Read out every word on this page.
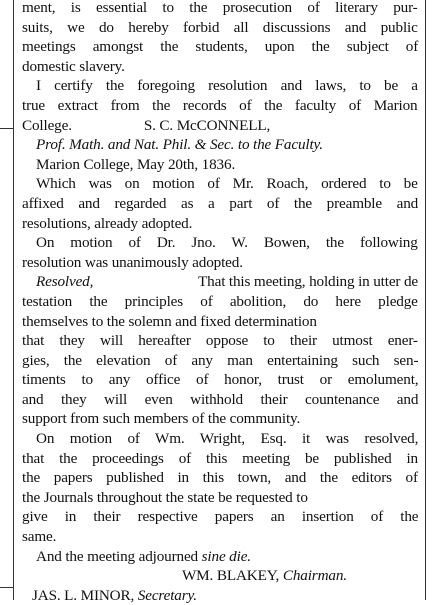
ment, is essential to the prosecution of literary pur-
suits, we do hereby forbid all discussions and public
meetings amongst the students, upon the subject of
domestic slavery.
I certify the foregoing resolution and laws, to be a
true extract from the records of the faculty of Marion
College.	S. C. McCONNELL,
Prof. Math. and Nat. Phil. & Sec. to the Faculty.
Marion College, May 20th, 1836.
Which was on motion of Mr. Roach, ordered to be
affixed and regarded as a part of the preamble and
resolutions, already adopted.
On motion of Dr. Jno. W. Bowen, the following
resolution was unanimously adopted.
Resolved,	That this meeting, holding in utter de
testation the principles of abolition, do here pledge
themselves to the solemn and fixed determination
that they will hereafter oppose to their utmost ener-
gies, the elevation of any man entertaining such sen-
timents to any office of honor, trust or emolument,
and they will even withhold their countenance and
support from such members of the community.
On motion of Wm. Wright, Esq. it was resolved,
that the proceedings of this meeting be published in
the papers published in this town, and the editors of
the Journals throughout the state be requested to
give in their respective papers an insertion of the
same.
And the meeting adjourned sine die.
WM. BLAKEY, Chairman.
JAS. L. MINOR, Secretary.
